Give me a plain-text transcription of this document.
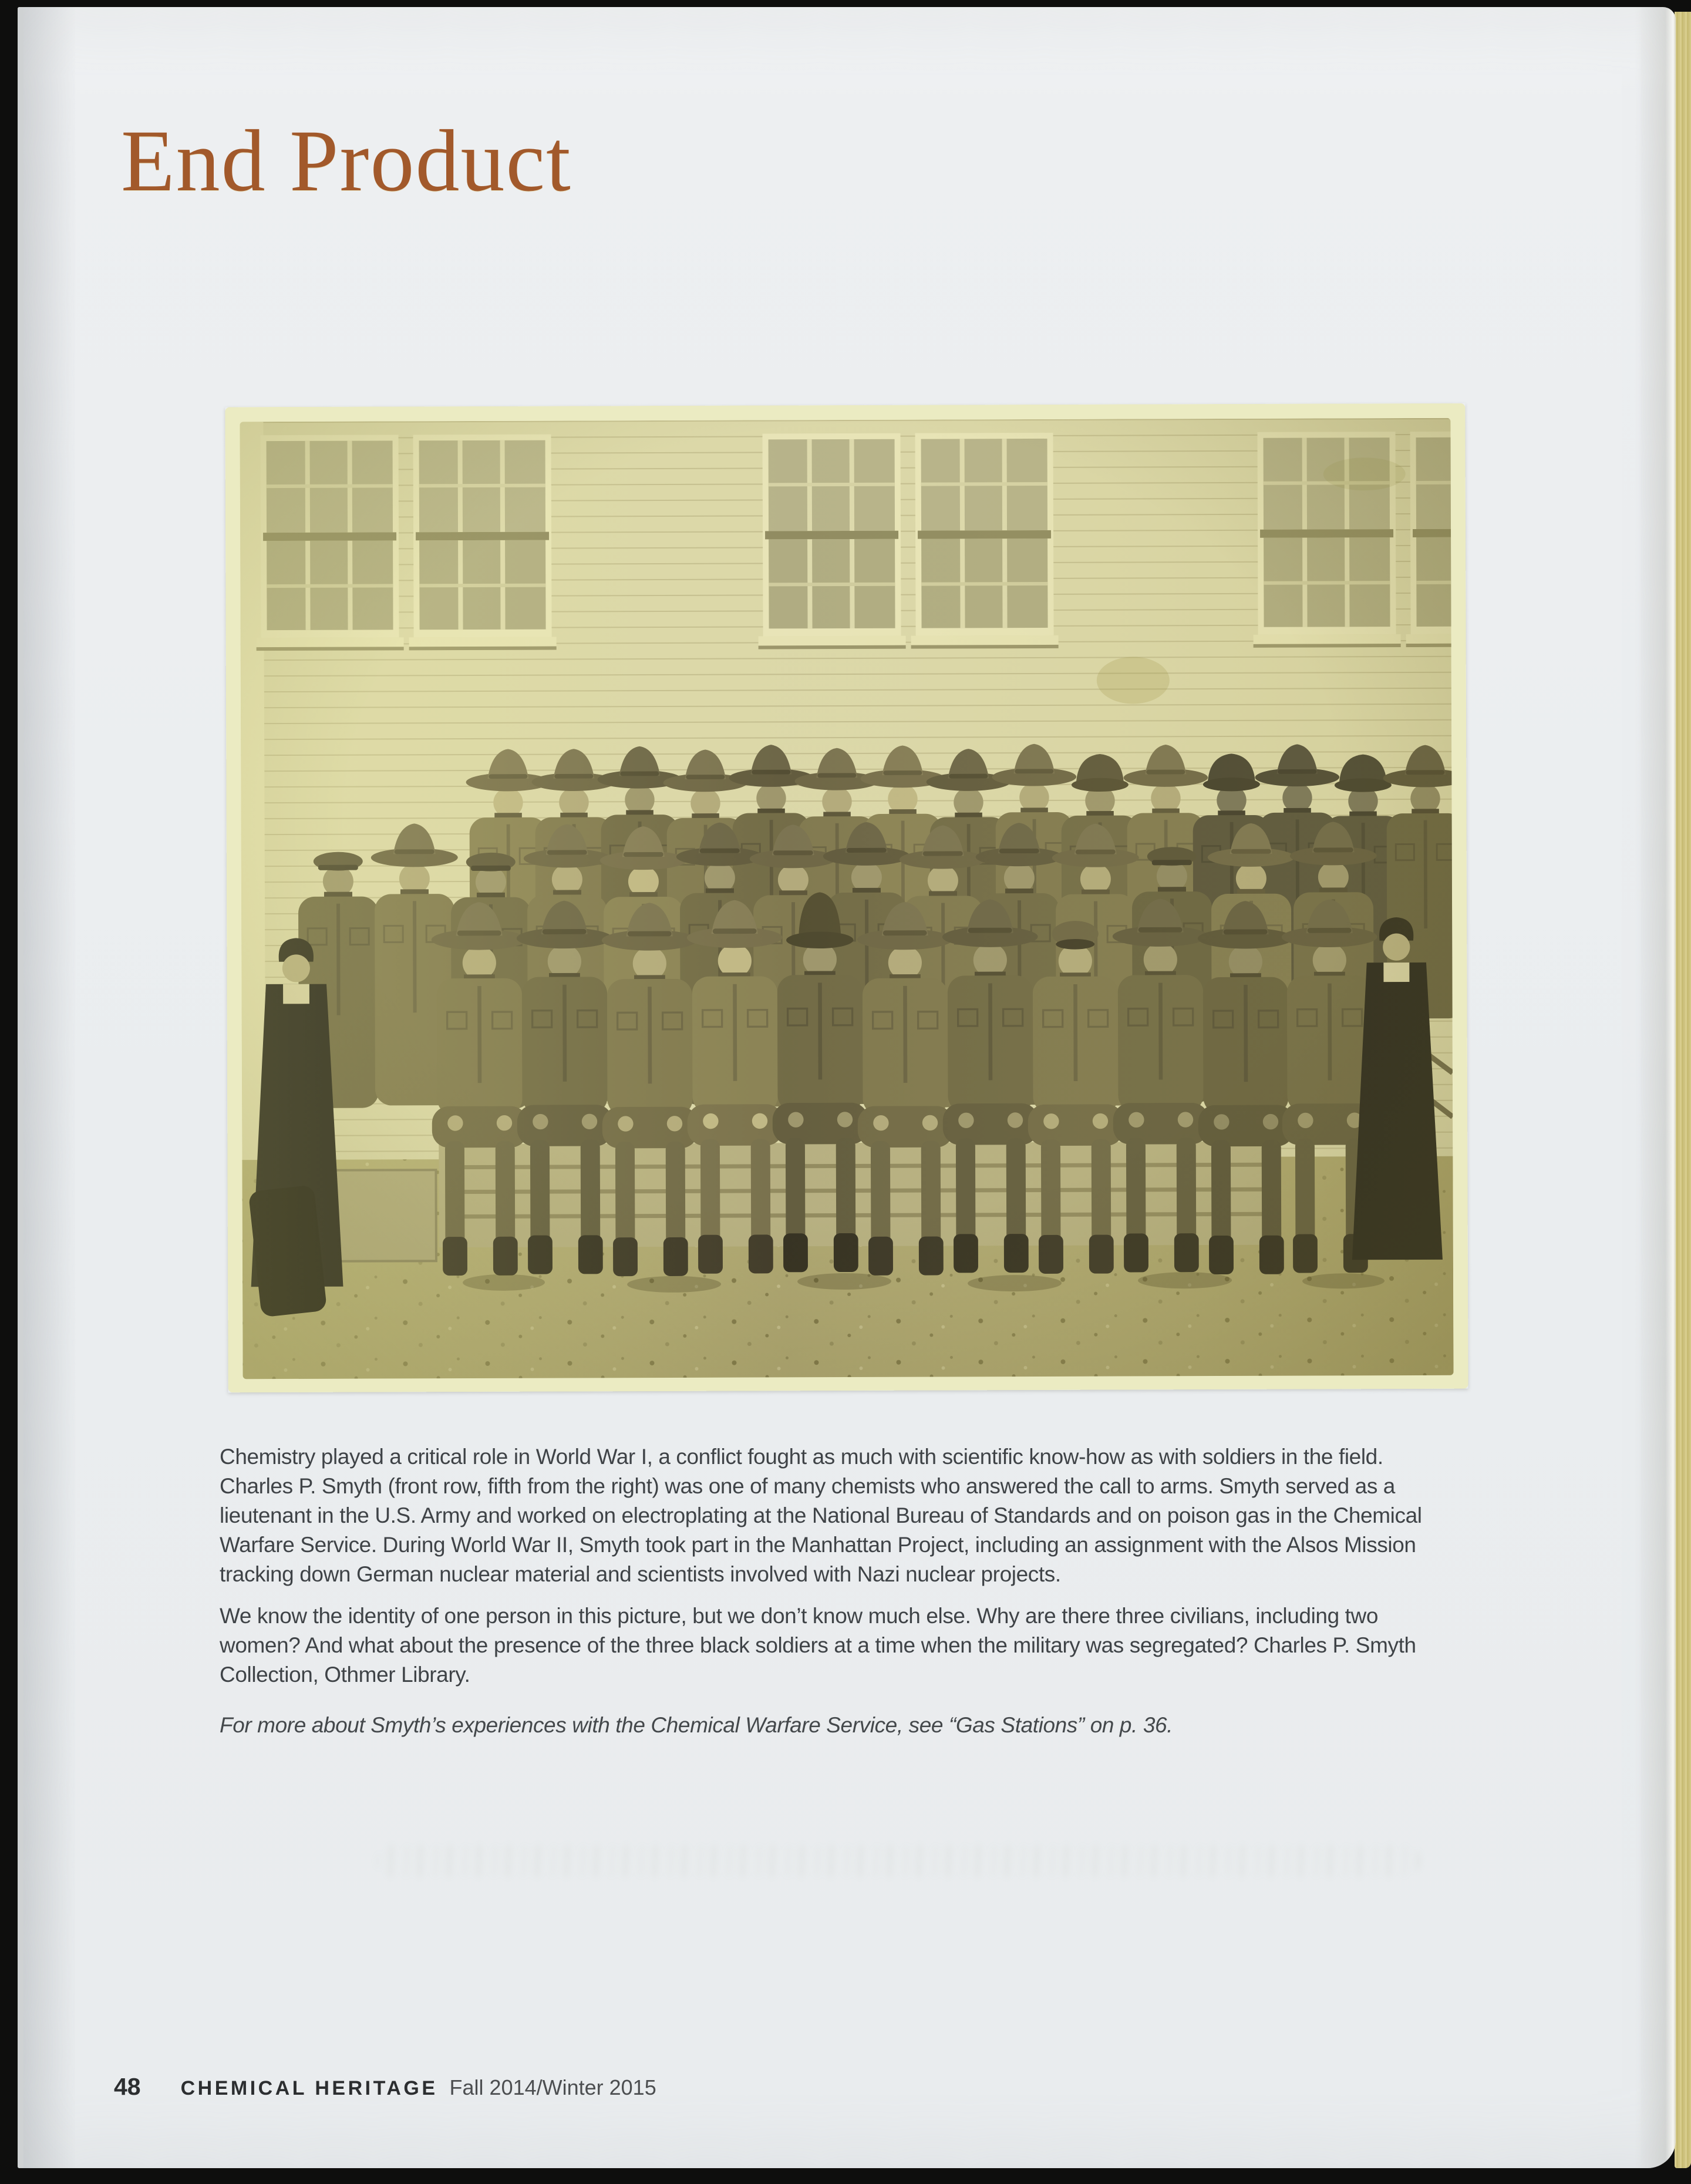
End Product
Chemistry played a critical role in World War I, a conflict fought as much with scientific know-how as with soldiers in the field.
Charles P. Smyth (front row, fifth from the right) was one of many chemists who answered the call to arms. Smyth served as a
lieutenant in the U.S. Army and worked on electroplating at the National Bureau of Standards and on poison gas in the Chemical
Warfare Service. During World War II, Smyth took part in the Manhattan Project, including an assignment with the Alsos Mission
tracking down German nuclear material and scientists involved with Nazi nuclear projects.
We know the identity of one person in this picture, but we don’t know much else. Why are there three civilians, including two
women? And what about the presence of the three black soldiers at a time when the military was segregated? Charles P. Smyth
Collection, Othmer Library.
For more about Smyth’s experiences with the Chemical Warfare Service, see “Gas Stations” on p. 36.
48 CHEMICAL HERITAGE Fall 2014/Winter 2015
